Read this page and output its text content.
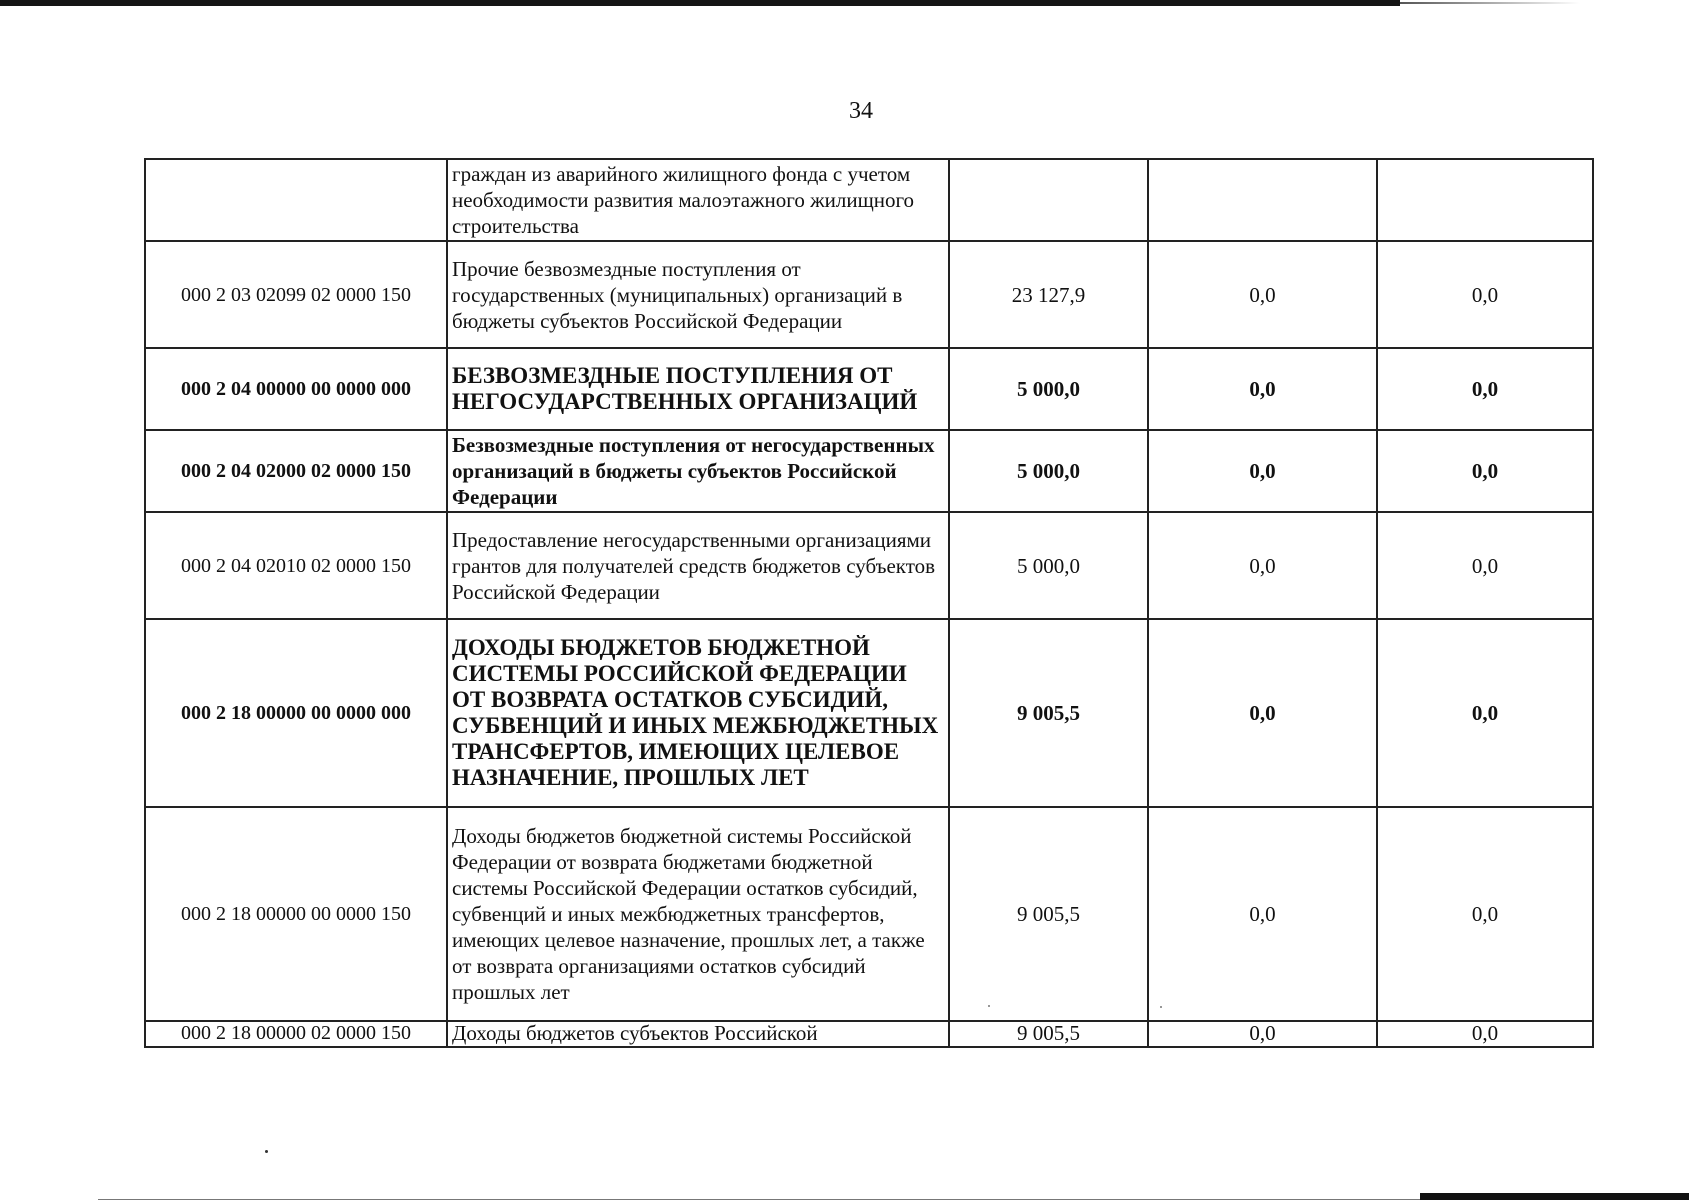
34
	граждан из аварийного жилищного фонда с учетом необходимости развития малоэтажного жилищного строительства			
000 2 03 02099 02 0000 150	Прочие безвозмездные поступления от государственных (муниципальных) организаций в бюджеты субъектов Российской Федерации	23 127,9	0,0	0,0
000 2 04 00000 00 0000 000	БЕЗВОЗМЕЗДНЫЕ ПОСТУПЛЕНИЯ ОТ НЕГОСУДАРСТВЕННЫХ ОРГАНИЗАЦИЙ	5 000,0	0,0	0,0
000 2 04 02000 02 0000 150	Безвозмездные поступления от негосударственных организаций в бюджеты субъектов Российской Федерации	5 000,0	0,0	0,0
000 2 04 02010 02 0000 150	Предоставление негосударственными организациями грантов для получателей средств бюджетов субъектов Российской Федерации	5 000,0	0,0	0,0
000 2 18 00000 00 0000 000	ДОХОДЫ БЮДЖЕТОВ БЮДЖЕТНОЙ СИСТЕМЫ РОССИЙСКОЙ ФЕДЕРАЦИИ ОТ ВОЗВРАТА ОСТАТКОВ СУБСИДИЙ, СУБВЕНЦИЙ И ИНЫХ МЕЖБЮДЖЕТНЫХ ТРАНСФЕРТОВ, ИМЕЮЩИХ ЦЕЛЕВОЕ НАЗНАЧЕНИЕ, ПРОШЛЫХ ЛЕТ	9 005,5	0,0	0,0
000 2 18 00000 00 0000 150	Доходы бюджетов бюджетной системы Российской Федерации от возврата бюджетами бюджетной системы Российской Федерации остатков субсидий, субвенций и иных межбюджетных трансфертов, имеющих целевое назначение, прошлых лет, а также от возврата организациями остатков субсидий прошлых лет	9 005,5	0,0	0,0
000 2 18 00000 02 0000 150	Доходы бюджетов субъектов Российской	9 005,5	0,0	0,0
